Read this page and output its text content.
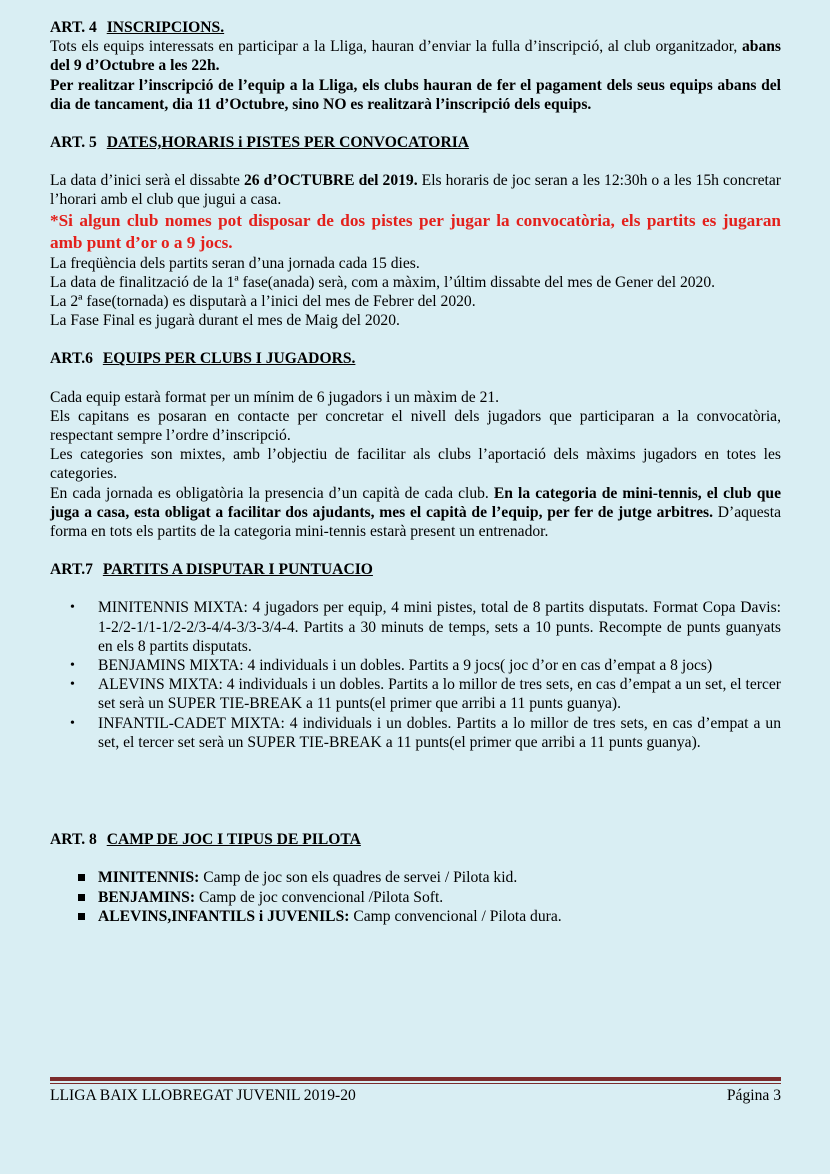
ART. 4 INSCRIPCIONS.

Tots els equips interessats en participar a la Lliga, hauran d’enviar la fulla d’inscripció, al club organitzador, abans del 9 d’Octubre a les 22h.

Per realitzar l’inscripció de l’equip a la Lliga, els clubs hauran de fer el pagament dels seus equips abans del dia de tancament, dia 11 d’Octubre, sino NO es realitzarà l’inscripció dels equips.

ART. 5 DATES,HORARIS i PISTES PER CONVOCATORIA

La data d’inici serà el dissabte 26 d’OCTUBRE del 2019. Els horaris de joc seran a les 12:30h o a les 15h concretar l’horari amb el club que jugui a casa.

*Si algun club nomes pot disposar de dos pistes per jugar la convocatòria, els partits es jugaran amb punt d’or o a 9 jocs.

La freqüència dels partits seran d’una jornada cada 15 dies.

La data de finalització de la 1ª fase(anada) serà, com a màxim, l’últim dissabte del mes de Gener del 2020.

La 2ª fase(tornada) es disputarà a l’inici del mes de Febrer del 2020.

La Fase Final es jugarà durant el mes de Maig del 2020.

ART.6 EQUIPS PER CLUBS I JUGADORS.

Cada equip estarà format per un mínim de 6 jugadors i un màxim de 21.

Els capitans es posaran en contacte per concretar el nivell dels jugadors que participaran a la convocatòria, respectant sempre l’ordre d’inscripció.

Les categories son mixtes, amb l’objectiu de facilitar als clubs l’aportació dels màxims jugadors en totes les categories.

En cada jornada es obligatòria la presencia d’un capità de cada club. En la categoria de mini-tennis, el club que juga a casa, esta obligat a facilitar dos ajudants, mes el capità de l’equip, per fer de jutge arbitres. D’aquesta forma en tots els partits de la categoria mini-tennis estarà present un entrenador.

ART.7 PARTITS A DISPUTAR I PUNTUACIO
• MINITENNIS MIXTA: 4 jugadors per equip, 4 mini pistes, total de 8 partits disputats. Format Copa Davis: 1-2/2-1/1-1/2-2/3-4/4-3/3-3/4-4. Partits a 30 minuts de temps, sets a 10 punts. Recompte de punts guanyats en els 8 partits disputats.
• BENJAMINS MIXTA: 4 individuals i un dobles. Partits a 9 jocs( joc d’or en cas d’empat a 8 jocs)
• ALEVINS MIXTA: 4 individuals i un dobles. Partits a lo millor de tres sets, en cas d’empat a un set, el tercer set serà un SUPER TIE-BREAK a 11 punts(el primer que arribi a 11 punts guanya).
• INFANTIL-CADET MIXTA: 4 individuals i un dobles. Partits a lo millor de tres sets, en cas d’empat a un set, el tercer set serà un SUPER TIE-BREAK a 11 punts(el primer que arribi a 11 punts guanya).
ART. 8 CAMP DE JOC I TIPUS DE PILOTA
MINITENNIS: Camp de joc son els quadres de servei / Pilota kid.
BENJAMINS: Camp de joc convencional /Pilota Soft.
ALEVINS,INFANTILS i JUVENILS: Camp convencional / Pilota dura.
LLIGA BAIX LLOBREGAT JUVENIL 2019-20	Página 3
